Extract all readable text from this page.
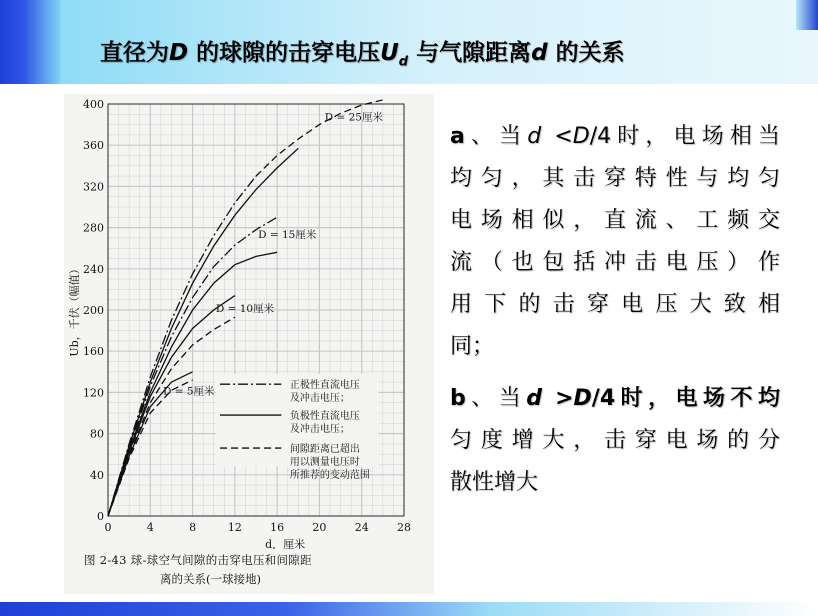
直径为D 的球隙的击穿电压$U_d$ 与气隙距离d 的关系
0	4	8	12	16	20	24	28
0
40
80
120
160
200
240
280
320
360
400
d，厘米
Ub，千伏（幅值）
D = 25厘米
D = 15厘米
D = 10厘米
D = 5厘米	正极性直流电压
及冲击电压；
负极性直流电压
及冲击电压；
间隙距离已超出
用以测量电压时
所推荐的变动范围
图 2-43 球-球空气间隙的击穿电压和间隙距
离的关系(一球接地)
a、当d <D/4时，电场相当
均匀，其击穿特性与均匀
电场相似，直流、工频交
流（也包括冲击电压）作
用下的击穿电压大致相
同；
b、当d >D/4时，电场不均
匀度增大，击穿电场的分
散性增大
